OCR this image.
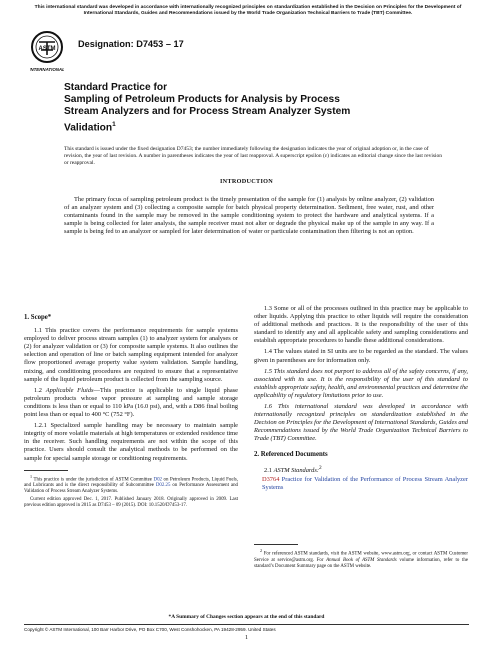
This international standard was developed in accordance with internationally recognized principles on standardization established in the Decision on Principles for the Development of International Standards, Guides and Recommendations issued by the World Trade Organization Technical Barriers to Trade (TBT) Committee.
ASTM
INTERNATIONAL
Designation: D7453 – 17
Standard Practice for
Sampling of Petroleum Products for Analysis by Process
Stream Analyzers and for Process Stream Analyzer System
Validation$^1$
This standard is issued under the fixed designation D7453; the number immediately following the designation indicates the year of original adoption or, in the case of revision, the year of last revision. A number in parentheses indicates the year of last reapproval. A superscript epsilon (ε) indicates an editorial change since the last revision or reapproval.
INTRODUCTION
The primary focus of sampling petroleum product is the timely presentation of the sample for (1) analysis by online analyzer, (2) validation of an analyzer system and (3) collecting a composite sample for batch physical property determination. Sediment, free water, rust, and other contaminants found in the sample may be removed in the sample conditioning system to protect the hardware and analytical systems. If a sample is being collected for later analysis, the sample receiver must not alter or degrade the physical make up of the sample in any way. If a sample is being fed to an analyzer or sampled for later determination of water or particulate contamination then filtering is not an option.
1. Scope*

1.1 This practice covers the performance requirements for sample systems employed to deliver process stream samples (1) to analyzer system for analyses or (2) for analyzer validation or (3) for composite sample systems. It also outlines the selection and operation of line or batch sampling equipment intended for analyzer flow proportioned average property value system validation. Sample handling, mixing, and conditioning procedures are required to ensure that a representative sample of the liquid petroleum product is collected from the sampling source.

1.2 Applicable Fluids—This practice is applicable to single liquid phase petroleum products whose vapor pressure at sampling and sample storage conditions is less than or equal to 110 kPa (16.0 psi), and, with a D86 final boiling point less than or equal to 400 °C (752 °F).

1.2.1 Specialized sample handling may be necessary to maintain sample integrity of more volatile materials at high temperatures or extended residence time in the receiver. Such handling requirements are not within the scope of this practice. Users should consult the analytical methods to be performed on the sample for special sample storage or conditioning requirements.

$^1$ This practice is under the jurisdiction of ASTM Committee D02 on Petroleum Products, Liquid Fuels, and Lubricants and is the direct responsibility of Subcommittee D02.25 on Performance Assessment and Validation of Process Stream Analyzer Systems.

Current edition approved Dec. 1, 2017. Published January 2018. Originally approved in 2009. Last previous edition approved in 2015 as D7453 – 09 (2015). DOI: 10.1520/D7453-17.

1.3 Some or all of the processes outlined in this practice may be applicable to other liquids. Applying this practice to other liquids will require the consideration of additional methods and practices. It is the responsibility of the user of this standard to identify any and all applicable safety and sampling considerations and establish appropriate procedures to handle these additional considerations.

1.4 The values stated in SI units are to be regarded as the standard. The values given in parentheses are for information only.

1.5 This standard does not purport to address all of the safety concerns, if any, associated with its use. It is the responsibility of the user of this standard to establish appropriate safety, health, and environmental practices and determine the applicability of regulatory limitations prior to use.

1.6 This international standard was developed in accordance with internationally recognized principles on standardization established in the Decision on Principles for the Development of International Standards, Guides and Recommendations issued by the World Trade Organization Technical Barriers to Trade (TBT) Committee.

2. Referenced Documents

2.1 ASTM Standards:$^2$

D3764 Practice for Validation of the Performance of Process Stream Analyzer Systems

$^2$ For referenced ASTM standards, visit the ASTM website, www.astm.org, or contact ASTM Customer Service at service@astm.org. For Annual Book of ASTM Standards volume information, refer to the standard’s Document Summary page on the ASTM website.

*A Summary of Changes section appears at the end of this standard
Copyright © ASTM International, 100 Barr Harbor Drive, PO Box C700, West Conshohocken, PA 19428-2959. United States
1
